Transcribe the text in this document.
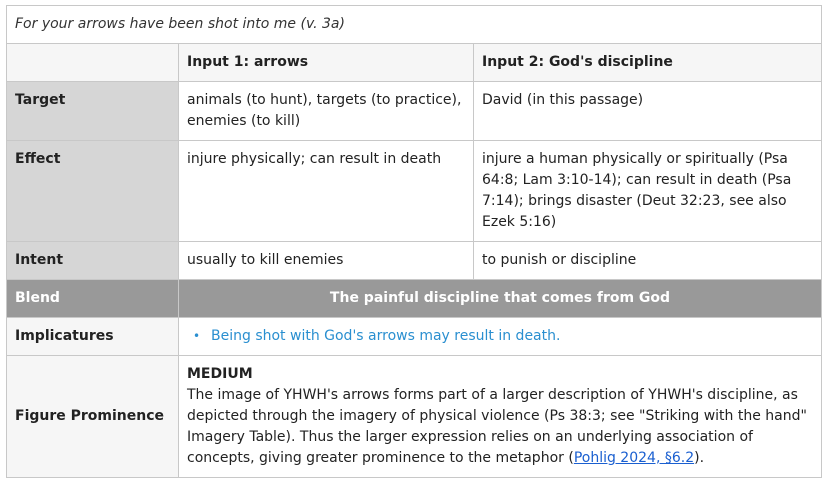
For your arrows have been shot into me (v. 3a)		
	Input 1: arrows	Input 2: God's discipline
Target	animals (to hunt), targets (to practice), enemies (to kill)	David (in this passage)
Effect	injure physically; can result in death	injure a human physically or spiritually (Psa 64:8; Lam 3:10-14); can result in death (Psa 7:14); brings disaster (Deut 32:23, see also Ezek 5:16)
Intent	usually to kill enemies	to punish or discipline
Blend	The painful discipline that comes from God	
Implicatures	• Being shot with God's arrows may result in death.	

Figure Prominence	MEDIUM
The image of YHWH's arrows forms part of a larger description of YHWH's discipline, as depicted through the imagery of physical violence (Ps 38:3; see "Striking with the hand" Imagery Table). Thus the larger expression relies on an underlying association of concepts, giving greater prominence to the metaphor (Pohlig 2024, §6.2).	
